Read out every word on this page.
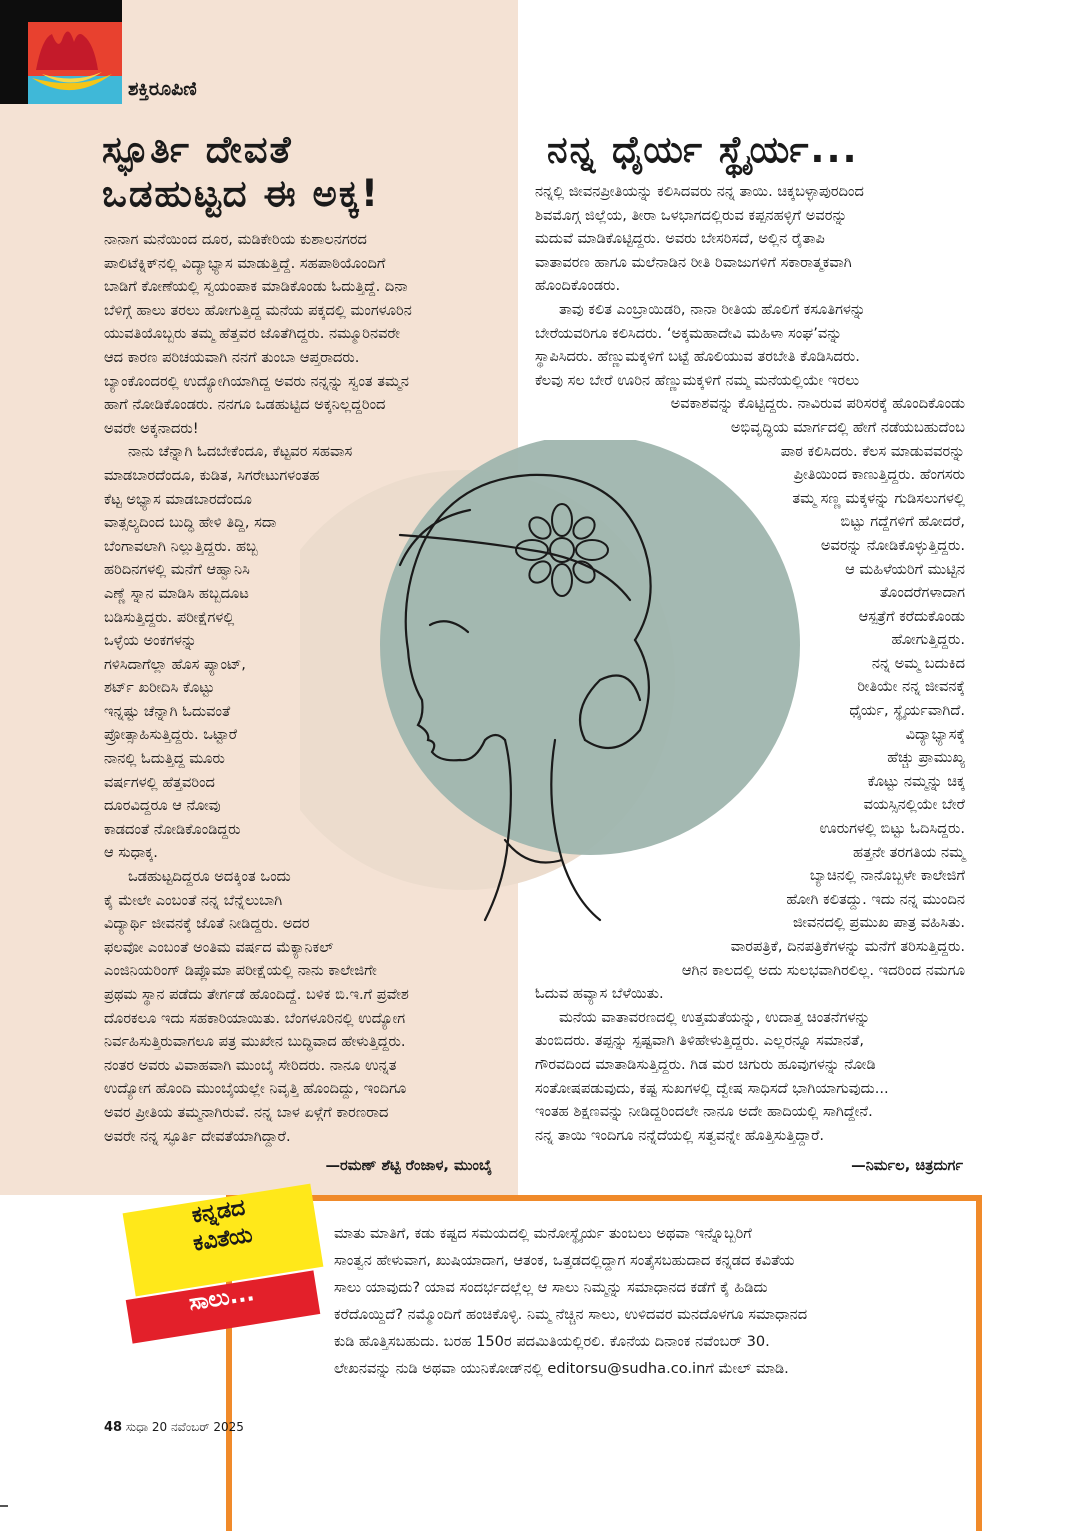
ಶಕ್ತಿರೂಪಿಣಿ
ಸ್ಫೂರ್ತಿ ದೇವತೆ
ಒಡಹುಟ್ಟದ ಈ ಅಕ್ಕ!
ನಾನಾಗ ಮನೆಯಿಂದ ದೂರ, ಮಡಿಕೇರಿಯ ಕುಶಾಲನಗರದ
ಪಾಲಿಟೆಕ್ನಿಕ್‌ನಲ್ಲಿ ವಿದ್ಯಾಭ್ಯಾಸ ಮಾಡುತ್ತಿದ್ದೆ. ಸಹಪಾಠಿಯೊಂದಿಗೆ
ಬಾಡಿಗೆ ಕೋಣೆಯಲ್ಲಿ ಸ್ವಯಂಪಾಕ ಮಾಡಿಕೊಂಡು ಓದುತ್ತಿದ್ದೆ. ದಿನಾ
ಬೆಳಿಗ್ಗೆ ಹಾಲು ತರಲು ಹೋಗುತ್ತಿದ್ದ ಮನೆಯ ಪಕ್ಕದಲ್ಲಿ ಮಂಗಳೂರಿನ
ಯುವತಿಯೊಬ್ಬರು ತಮ್ಮ ಹೆತ್ತವರ ಜೊತೆಗಿದ್ದರು. ನಮ್ಮೂರಿನವರೇ
ಆದ ಕಾರಣ ಪರಿಚಯವಾಗಿ ನನಗೆ ತುಂಬಾ ಆಪ್ತರಾದರು.
ಬ್ಯಾಂಕೊಂದರಲ್ಲಿ ಉದ್ಯೋಗಿಯಾಗಿದ್ದ ಅವರು ನನ್ನನ್ನು ಸ್ವಂತ ತಮ್ಮನ
ಹಾಗೆ ನೋಡಿಕೊಂಡರು. ನನಗೂ ಒಡಹುಟ್ಟಿದ ಅಕ್ಕನಿಲ್ಲದ್ದರಿಂದ
ಅವರೇ ಅಕ್ಕನಾದರು!
ನಾನು ಚೆನ್ನಾಗಿ ಓದಬೇಕೆಂದೂ, ಕೆಟ್ಟವರ ಸಹವಾಸ
ಮಾಡಬಾರದೆಂದೂ, ಕುಡಿತ, ಸಿಗರೇಟುಗಳಂತಹ
ಕೆಟ್ಟ ಅಭ್ಯಾಸ ಮಾಡಬಾರದೆಂದೂ
ವಾತ್ಸಲ್ಯದಿಂದ ಬುದ್ಧಿ ಹೇಳಿ ತಿದ್ದಿ, ಸದಾ
ಬೆಂಗಾವಲಾಗಿ ನಿಲ್ಲುತ್ತಿದ್ದರು. ಹಬ್ಬ
ಹರಿದಿನಗಳಲ್ಲಿ ಮನೆಗೆ ಆಹ್ವಾನಿಸಿ
ಎಣ್ಣೆ ಸ್ನಾನ ಮಾಡಿಸಿ ಹಬ್ಬದೂಟ
ಬಡಿಸುತ್ತಿದ್ದರು. ಪರೀಕ್ಷೆಗಳಲ್ಲಿ
ಒಳ್ಳೆಯ ಅಂಕಗಳನ್ನು
ಗಳಿಸಿದಾಗೆಲ್ಲಾ ಹೊಸ ಪ್ಯಾಂಟ್,
ಶರ್ಟ್ ಖರೀದಿಸಿ ಕೊಟ್ಟು
ಇನ್ನಷ್ಟು ಚೆನ್ನಾಗಿ ಓದುವಂತೆ
ಪ್ರೋತ್ಸಾಹಿಸುತ್ತಿದ್ದರು. ಒಟ್ಟಾರೆ
ನಾನಲ್ಲಿ ಓದುತ್ತಿದ್ದ ಮೂರು
ವರ್ಷಗಳಲ್ಲಿ ಹೆತ್ತವರಿಂದ
ದೂರವಿದ್ದರೂ ಆ ನೋವು
ಕಾಡದಂತೆ ನೋಡಿಕೊಂಡಿದ್ದರು
ಆ ಸುಧಾಕ್ಕ.
ಒಡಹುಟ್ಟದಿದ್ದರೂ ಅದಕ್ಕಿಂತ ಒಂದು
ಕೈ ಮೇಲೇ ಎಂಬಂತೆ ನನ್ನ ಬೆನ್ನೆಲುಬಾಗಿ
ವಿದ್ಯಾರ್ಥಿ ಜೀವನಕ್ಕೆ ಜೊತೆ ನೀಡಿದ್ದರು. ಅದರ
ಫಲವೋ ಎಂಬಂತೆ ಅಂತಿಮ ವರ್ಷದ ಮೆಕ್ಯಾನಿಕಲ್
ಎಂಜಿನಿಯರಿಂಗ್ ಡಿಪ್ಲೊಮಾ ಪರೀಕ್ಷೆಯಲ್ಲಿ ನಾನು ಕಾಲೇಜಿಗೇ
ಪ್ರಥಮ ಸ್ಥಾನ ಪಡೆದು ತೇರ್ಗಡೆ ಹೊಂದಿದ್ದೆ. ಬಳಿಕ ಬಿ.ಇ.ಗೆ ಪ್ರವೇಶ
ದೊರಕಲೂ ಇದು ಸಹಕಾರಿಯಾಯಿತು. ಬೆಂಗಳೂರಿನಲ್ಲಿ ಉದ್ಯೋಗ
ನಿರ್ವಹಿಸುತ್ತಿರುವಾಗಲೂ ಪತ್ರ ಮುಖೇನ ಬುದ್ಧಿವಾದ ಹೇಳುತ್ತಿದ್ದರು.
ನಂತರ ಅವರು ವಿವಾಹವಾಗಿ ಮುಂಬೈ ಸೇರಿದರು. ನಾನೂ ಉನ್ನತ
ಉದ್ಯೋಗ ಹೊಂದಿ ಮುಂಬೈಯಲ್ಲೇ ನಿವೃತ್ತಿ ಹೊಂದಿದ್ದು, ಇಂದಿಗೂ
ಅವರ ಪ್ರೀತಿಯ ತಮ್ಮನಾಗಿರುವೆ. ನನ್ನ ಬಾಳ ಏಳ್ಗೆಗೆ ಕಾರಣರಾದ
ಅವರೇ ನನ್ನ ಸ್ಫೂರ್ತಿ ದೇವತೆಯಾಗಿದ್ದಾರೆ.
—ರಮಣ್ ಶೆಟ್ಟಿ ರೆಂಜಾಳ, ಮುಂಬೈ
ನನ್ನ ಧೈರ್ಯ ಸ್ಥೈರ್ಯ...
ನನ್ನಲ್ಲಿ ಜೀವನಪ್ರೀತಿಯನ್ನು ಕಲಿಸಿದವರು ನನ್ನ ತಾಯಿ. ಚಿಕ್ಕಬಳ್ಳಾಪುರದಿಂದ
ಶಿವಮೊಗ್ಗ ಜಿಲ್ಲೆಯ, ತೀರಾ ಒಳಭಾಗದಲ್ಲಿರುವ ಕಪ್ಪನಹಳ್ಳಿಗೆ ಅವರನ್ನು
ಮದುವೆ ಮಾಡಿಕೊಟ್ಟಿದ್ದರು. ಅವರು ಬೇಸರಿಸದೆ, ಅಲ್ಲಿನ ರೈತಾಪಿ
ವಾತಾವರಣ ಹಾಗೂ ಮಲೆನಾಡಿನ ರೀತಿ ರಿವಾಜುಗಳಿಗೆ ಸಕಾರಾತ್ಮಕವಾಗಿ
ಹೊಂದಿಕೊಂಡರು.
ತಾವು ಕಲಿತ ಎಂಬ್ರಾಯಿಡರಿ, ನಾನಾ ರೀತಿಯ ಹೊಲಿಗೆ ಕಸೂತಿಗಳನ್ನು
ಬೇರೆಯವರಿಗೂ ಕಲಿಸಿದರು. ‘ಅಕ್ಕಮಹಾದೇವಿ ಮಹಿಳಾ ಸಂಘ’ವನ್ನು
ಸ್ಥಾಪಿಸಿದರು. ಹೆಣ್ಣುಮಕ್ಕಳಿಗೆ ಬಟ್ಟೆ ಹೊಲಿಯುವ ತರಬೇತಿ ಕೊಡಿಸಿದರು.
ಕೆಲವು ಸಲ ಬೇರೆ ಊರಿನ ಹೆಣ್ಣುಮಕ್ಕಳಿಗೆ ನಮ್ಮ ಮನೆಯಲ್ಲಿಯೇ ಇರಲು
ಅವಕಾಶವನ್ನು ಕೊಟ್ಟಿದ್ದರು. ನಾವಿರುವ ಪರಿಸರಕ್ಕೆ ಹೊಂದಿಕೊಂಡು
ಅಭಿವೃದ್ಧಿಯ ಮಾರ್ಗದಲ್ಲಿ ಹೇಗೆ ನಡೆಯಬಹುದೆಂಬ
ಪಾಠ ಕಲಿಸಿದರು. ಕೆಲಸ ಮಾಡುವವರನ್ನು
ಪ್ರೀತಿಯಿಂದ ಕಾಣುತ್ತಿದ್ದರು. ಹೆಂಗಸರು
ತಮ್ಮ ಸಣ್ಣ ಮಕ್ಕಳನ್ನು ಗುಡಿಸಲುಗಳಲ್ಲಿ
ಬಿಟ್ಟು ಗದ್ದೆಗಳಿಗೆ ಹೋದರೆ,
ಅವರನ್ನು ನೋಡಿಕೊಳ್ಳುತ್ತಿದ್ದರು.
ಆ ಮಹಿಳೆಯರಿಗೆ ಮುಟ್ಟಿನ
ತೊಂದರೆಗಳಾದಾಗ
ಆಸ್ಪತ್ರೆಗೆ ಕರೆದುಕೊಂಡು
ಹೋಗುತ್ತಿದ್ದರು.
ನನ್ನ ಅಮ್ಮ ಬದುಕಿದ
ರೀತಿಯೇ ನನ್ನ ಜೀವನಕ್ಕೆ
ಧೈರ್ಯ, ಸ್ಥೈರ್ಯವಾಗಿದೆ.
ವಿದ್ಯಾಭ್ಯಾಸಕ್ಕೆ
ಹೆಚ್ಚು ಪ್ರಾಮುಖ್ಯ
ಕೊಟ್ಟು ನಮ್ಮನ್ನು ಚಿಕ್ಕ
ವಯಸ್ಸಿನಲ್ಲಿಯೇ ಬೇರೆ
ಊರುಗಳಲ್ಲಿ ಬಿಟ್ಟು ಓದಿಸಿದ್ದರು.
ಹತ್ತನೇ ತರಗತಿಯ ನಮ್ಮ
ಬ್ಯಾಚಿನಲ್ಲಿ ನಾನೊಬ್ಬಳೇ ಕಾಲೇಜಿಗೆ
ಹೋಗಿ ಕಲಿತದ್ದು. ಇದು ನನ್ನ ಮುಂದಿನ
ಜೀವನದಲ್ಲಿ ಪ್ರಮುಖ ಪಾತ್ರ ವಹಿಸಿತು.
ವಾರಪತ್ರಿಕೆ, ದಿನಪತ್ರಿಕೆಗಳನ್ನು ಮನೆಗೆ ತರಿಸುತ್ತಿದ್ದರು.
ಆಗಿನ ಕಾಲದಲ್ಲಿ ಅದು ಸುಲಭವಾಗಿರಲಿಲ್ಲ. ಇದರಿಂದ ನಮಗೂ
ಓದುವ ಹವ್ಯಾಸ ಬೆಳೆಯಿತು.
ಮನೆಯ ವಾತಾವರಣದಲ್ಲಿ ಉತ್ತಮತೆಯನ್ನು, ಉದಾತ್ತ ಚಿಂತನೆಗಳನ್ನು
ತುಂಬಿದರು. ತಪ್ಪನ್ನು ಸ್ಪಷ್ಟವಾಗಿ ತಿಳಿಹೇಳುತ್ತಿದ್ದರು. ಎಲ್ಲರನ್ನೂ ಸಮಾನತೆ,
ಗೌರವದಿಂದ ಮಾತಾಡಿಸುತ್ತಿದ್ದರು. ಗಿಡ ಮರ ಚಿಗುರು ಹೂವುಗಳನ್ನು ನೋಡಿ
ಸಂತೋಷಪಡುವುದು, ಕಷ್ಟ ಸುಖಗಳಲ್ಲಿ ದ್ವೇಷ ಸಾಧಿಸದೆ ಭಾಗಿಯಾಗುವುದು...
ಇಂತಹ ಶಿಕ್ಷಣವನ್ನು ನೀಡಿದ್ದರಿಂದಲೇ ನಾನೂ ಅದೇ ಹಾದಿಯಲ್ಲಿ ಸಾಗಿದ್ದೇನೆ.
ನನ್ನ ತಾಯಿ ಇಂದಿಗೂ ನನ್ನೆದೆಯಲ್ಲಿ ಸತ್ವವನ್ನೇ ಹೊತ್ತಿಸುತ್ತಿದ್ದಾರೆ.
—ನಿರ್ಮಲ, ಚಿತ್ರದುರ್ಗ
ಕನ್ನಡದ
ಕವಿತೆಯ
ಸಾಲು...
ಮಾತು ಮಾತಿಗೆ, ಕಡು ಕಷ್ಟದ ಸಮಯದಲ್ಲಿ ಮನೋಸ್ಥೈರ್ಯ ತುಂಬಲು ಅಥವಾ ಇನ್ನೊಬ್ಬರಿಗೆ
ಸಾಂತ್ವನ ಹೇಳುವಾಗ, ಖುಷಿಯಾದಾಗ, ಆತಂಕ, ಒತ್ತಡದಲ್ಲಿದ್ದಾಗ ಸಂತೈಸಬಹುದಾದ ಕನ್ನಡದ ಕವಿತೆಯ
ಸಾಲು ಯಾವುದು? ಯಾವ ಸಂದರ್ಭದಲ್ಲೆಲ್ಲ ಆ ಸಾಲು ನಿಮ್ಮನ್ನು ಸಮಾಧಾನದ ಕಡೆಗೆ ಕೈ ಹಿಡಿದು
ಕರೆದೊಯ್ದಿದೆ? ನಮ್ಮೊಂದಿಗೆ ಹಂಚಿಕೊಳ್ಳಿ. ನಿಮ್ಮ ನೆಚ್ಚಿನ ಸಾಲು, ಉಳಿದವರ ಮನದೊಳಗೂ ಸಮಾಧಾನದ
ಕುಡಿ ಹೊತ್ತಿಸಬಹುದು. ಬರಹ 150ರ ಪದಮಿತಿಯಲ್ಲಿರಲಿ. ಕೊನೆಯ ದಿನಾಂಕ ನವೆಂಬರ್ 30.
ಲೇಖನವನ್ನು ನುಡಿ ಅಥವಾ ಯುನಿಕೋಡ್‌ನಲ್ಲಿ editorsu@sudha.co.inಗೆ ಮೇಲ್ ಮಾಡಿ.
48 ಸುಧಾ 20 ನವೆಂಬರ್ 2025
